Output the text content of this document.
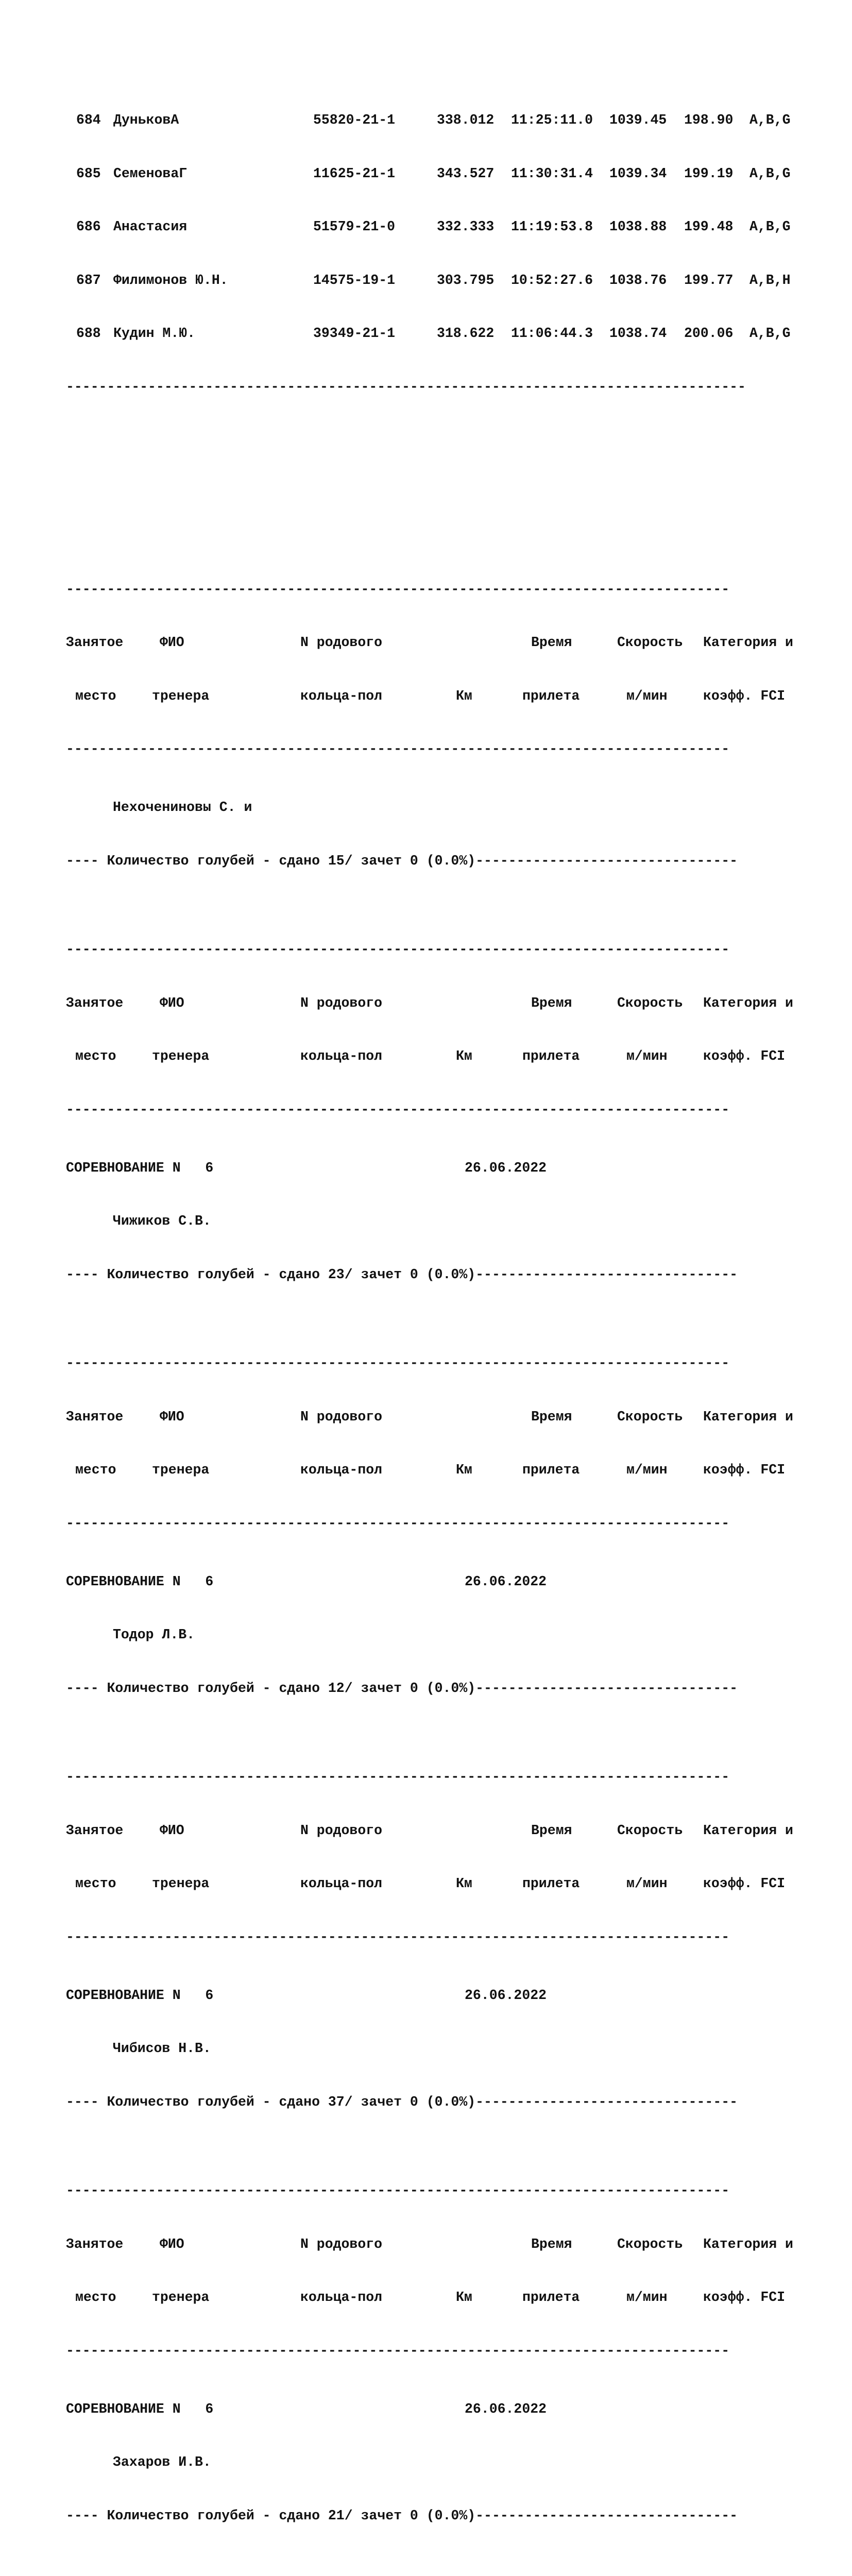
684 ДуньковА	55820-21-1	338.012 11:25:11.0 1039.45 198.90 A,B,G

685 СеменоваГ	11625-21-1	343.527 11:30:31.4 1039.34 199.19 A,B,G

686 Анастасия	51579-21-0	332.333 11:19:53.8 1038.88 199.48 A,B,G

687 Филимонов Ю.Н.	14575-19-1	303.795 10:52:27.6 1038.76 199.77 A,B,H

688 Кудин М.Ю.	39349-21-1	318.622 11:06:44.3 1038.74 200.06 A,B,G

-----------------------------------------------------------------------------------

---------------------------------------------------------------------------------

Занятое	ФИО	N родового	Время	Скорость Категория и

место	тренера	кольца-пол	Км	прилета	м/мин	коэфф. FCI

---------------------------------------------------------------------------------

Нехочениновы С. и

---- Количество голубей - сдано 15/ зачет 0 (0.0%)--------------------------------

---------------------------------------------------------------------------------

Занятое	ФИО	N родового	Время	Скорость Категория и

место	тренера	кольца-пол	Км	прилета	м/мин	коэфф. FCI

---------------------------------------------------------------------------------

СОРЕВНОВАНИЕ N   6	26.06.2022

Чижиков С.В.

---- Количество голубей - сдано 23/ зачет 0 (0.0%)--------------------------------

---------------------------------------------------------------------------------

Занятое	ФИО	N родового	Время	Скорость Категория и

место	тренера	кольца-пол	Км	прилета	м/мин	коэфф. FCI

---------------------------------------------------------------------------------

СОРЕВНОВАНИЕ N   6	26.06.2022

Тодор Л.В.

---- Количество голубей - сдано 12/ зачет 0 (0.0%)--------------------------------

---------------------------------------------------------------------------------

Занятое	ФИО	N родового	Время	Скорость Категория и

место	тренера	кольца-пол	Км	прилета	м/мин	коэфф. FCI

---------------------------------------------------------------------------------

СОРЕВНОВАНИЕ N   6	26.06.2022

Чибисов Н.В.

---- Количество голубей - сдано 37/ зачет 0 (0.0%)--------------------------------

---------------------------------------------------------------------------------

Занятое	ФИО	N родового	Время	Скорость Категория и

место	тренера	кольца-пол	Км	прилета	м/мин	коэфф. FCI

---------------------------------------------------------------------------------

СОРЕВНОВАНИЕ N   6	26.06.2022

Захаров И.В.

---- Количество голубей - сдано 21/ зачет 0 (0.0%)--------------------------------
